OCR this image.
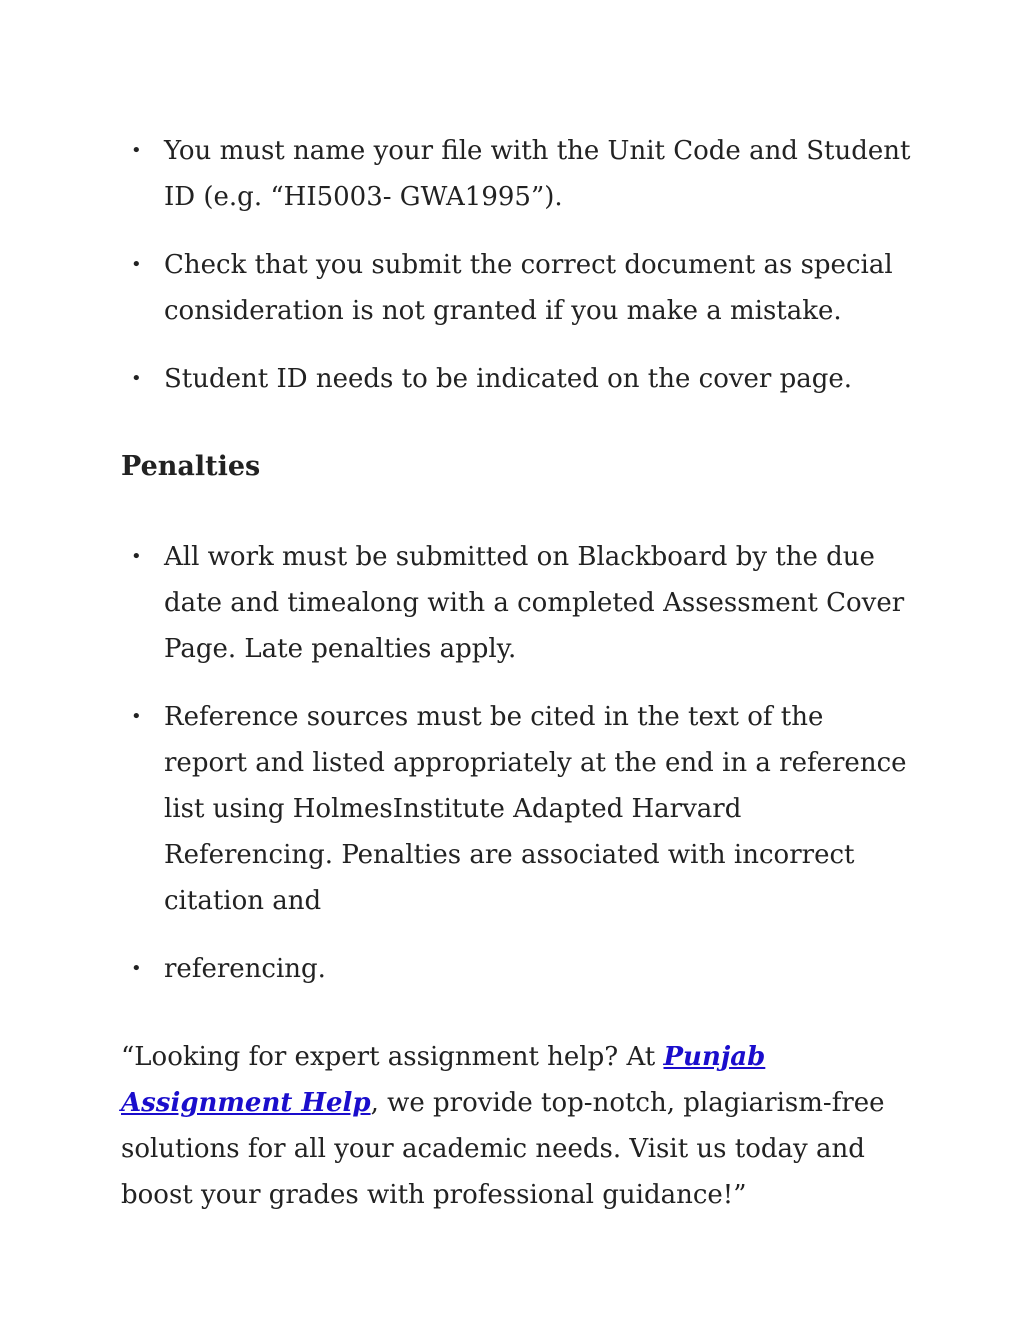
• You must name your file with the Unit Code and Student ID (e.g. “HI5003- GWA1995”).
• Check that you submit the correct document as special consideration is not granted if you make a mistake.
• Student ID needs to be indicated on the cover page.
Penalties
• All work must be submitted on Blackboard by the due date and timealong with a completed Assessment Cover Page. Late penalties apply.
• Reference sources must be cited in the text of the report and listed appropriately at the end in a reference list using HolmesInstitute Adapted Harvard Referencing. Penalties are associated with incorrect citation and
• referencing.

“Looking for expert assignment help? At Punjab Assignment Help, we provide top-notch, plagiarism-free solutions for all your academic needs. Visit us today and boost your grades with professional guidance!”
